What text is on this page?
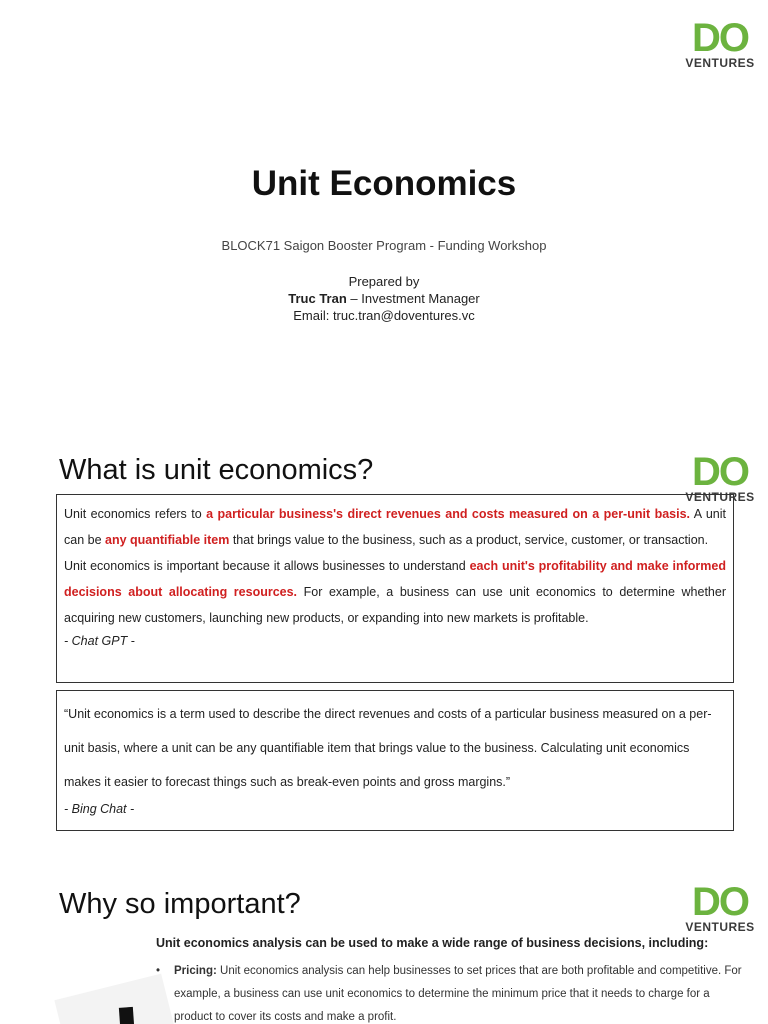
DO
VENTURES
Unit Economics
BLOCK71 Saigon Booster Program - Funding Workshop
Prepared by
Truc Tran – Investment Manager
Email: truc.tran@doventures.vc
What is unit economics?	DO
VENTURES
Unit economics refers to a particular business's direct revenues and costs measured on a per-unit basis. A unit can be any quantifiable item that brings value to the business, such as a product, service, customer, or transaction.
Unit economics is important because it allows businesses to understand each unit's profitability and make informed decisions about allocating resources. For example, a business can use unit economics to determine whether acquiring new customers, launching new products, or expanding into new markets is profitable.
- Chat GPT -
“Unit economics is a term used to describe the direct revenues and costs of a particular business measured on a per-unit basis, where a unit can be any quantifiable item that brings value to the business. Calculating unit economics makes it easier to forecast things such as break-even points and gross margins.”
- Bing Chat -
Why so important?	DO
VENTURES
Unit economics analysis can be used to make a wide range of business decisions, including:
• Pricing: Unit economics analysis can help businesses to set prices that are both profitable and competitive. For example, a business can use unit economics to determine the minimum price that it needs to charge for a product to cover its costs and make a profit.
